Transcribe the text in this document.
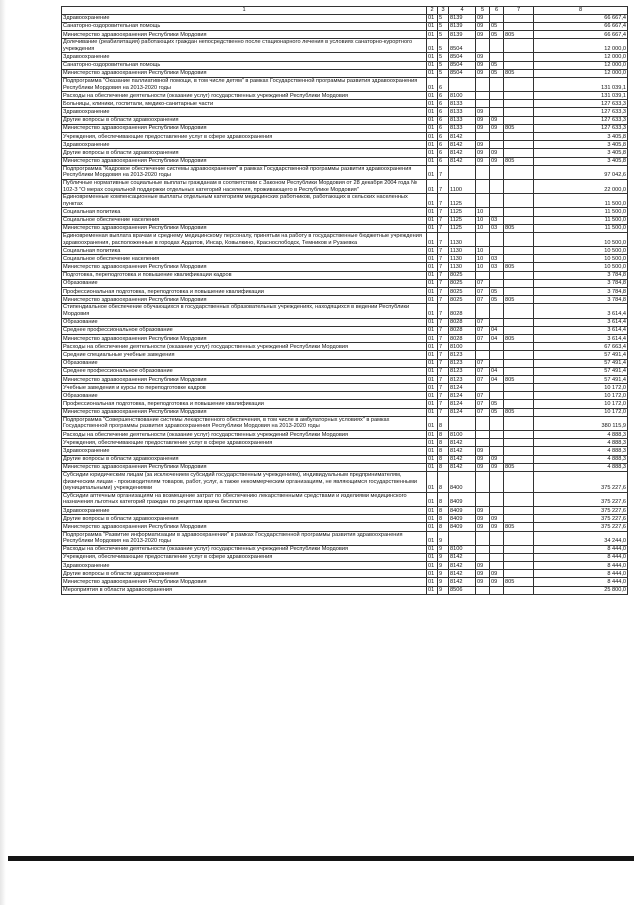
1	2	3	4	5	6	7	8
Здравоохранение	01	5	8139	09			66 667,4
Санаторно-оздоровительная помощь	01	5	8139	09	05		66 667,4
Министерство здравоохранения Республики Мордовия	01	5	8139	09	05	805	66 667,4
Долечивание (реабилитация) работающих граждан непосредственно после стационарного лечения в условиях санаторно-курортного учреждения	01	5	8504				12 000,0
Здравоохранение	01	5	8504	09			12 000,0
Санаторно-оздоровительная помощь	01	5	8504	09	05		12 000,0
Министерство здравоохранения Республики Мордовия	01	5	8504	09	05	805	12 000,0
Подпрограмма "Оказание паллиативной помощи, в том числе детям" в рамках Государственной программы развития здравоохранения Республики Мордовия на 2013-2020 годы	01	6					131 039,1
Расходы на обеспечение деятельности (оказание услуг) государственных учреждений Республики Мордовия	01	6	8100				131 039,1
Больницы, клиники, госпитали, медико-санитарные части	01	6	8133				127 633,3
Здравоохранение	01	6	8133	09			127 633,3
Другие вопросы в области здравоохранения	01	6	8133	09	09		127 633,3
Министерство здравоохранения Республики Мордовия	01	6	8133	09	09	805	127 633,3
Учреждения, обеспечивающие предоставление услуг в сфере здравоохранения	01	6	8142				3 405,8
Здравоохранение	01	6	8142	09			3 405,8
Другие вопросы в области здравоохранения	01	6	8142	09	09		3 405,8
Министерство здравоохранения Республики Мордовия	01	6	8142	09	09	805	3 405,8
Подпрограмма "Кадровое обеспечение системы здравоохранения" в рамках Государственной программы развития здравоохранения Республики Мордовия на 2013-2020 годы	01	7					97 042,6
Публичные нормативные социальные выплаты гражданам в соответствии с Законом Республики Мордовия от 28 декабря 2004 года № 102-З "О мерах социальной поддержки отдельных категорий населения, проживающего в Республике Мордовия"	01	7	1100				22 000,0
Единовременные компенсационные выплаты отдельным категориям медицинских работников, работающих в сельских населенных пунктах	01	7	1125				11 500,0
Социальная политика	01	7	1125	10			11 500,0
Социальное обеспечение населения	01	7	1125	10	03		11 500,0
Министерство здравоохранения Республики Мордовия	01	7	1125	10	03	805	11 500,0
Единовременная выплата врачам и среднему медицинскому персоналу, принятым на работу в государственные бюджетные учреждения здравоохранения, расположенные в городах Ардатов, Инсар, Ковылкино, Краснослободск, Темников и Рузаевка	01	7	1130				10 500,0
Социальная политика	01	7	1130	10			10 500,0
Социальное обеспечение населения	01	7	1130	10	03		10 500,0
Министерство здравоохранения Республики Мордовия	01	7	1130	10	03	805	10 500,0
Подготовка, переподготовка и повышение квалификации кадров	01	7	8025				3 784,8
Образование	01	7	8025	07			3 784,8
Профессиональная подготовка, переподготовка и повышение квалификации	01	7	8025	07	05		3 784,8
Министерство здравоохранения Республики Мордовия	01	7	8025	07	05	805	3 784,8
Стипендиальное обеспечение обучающихся в государственных образовательных учреждениях, находящихся в ведении Республики Мордовия	01	7	8028				3 614,4
Образование	01	7	8028	07			3 614,4
Среднее профессиональное образование	01	7	8028	07	04		3 614,4
Министерство здравоохранения Республики Мордовия	01	7	8028	07	04	805	3 614,4
Расходы на обеспечение деятельности (оказание услуг) государственных учреждений Республики Мордовия	01	7	8100				67 663,4
Средние специальные учебные заведения	01	7	8123				57 491,4
Образование	01	7	8123	07			57 491,4
Среднее профессиональное образование	01	7	8123	07	04		57 491,4
Министерство здравоохранения Республики Мордовия	01	7	8123	07	04	805	57 491,4
Учебные заведения и курсы по переподготовке кадров	01	7	8124				10 172,0
Образование	01	7	8124	07			10 172,0
Профессиональная подготовка, переподготовка и повышение квалификации	01	7	8124	07	05		10 172,0
Министерство здравоохранения Республики Мордовия	01	7	8124	07	05	805	10 172,0
Подпрограмма "Совершенствование системы лекарственного обеспечения, в том числе в амбулаторных условиях" в рамках Государственной программы развития здравоохранения Республики Мордовия на 2013-2020 годы	01	8					380 115,9
Расходы на обеспечение деятельности (оказание услуг) государственных учреждений Республики Мордовия	01	8	8100				4 888,3
Учреждения, обеспечивающие предоставление услуг в сфере здравоохранения	01	8	8142				4 888,3
Здравоохранение	01	8	8142	09			4 888,3
Другие вопросы в области здравоохранения	01	8	8142	09	09		4 888,3
Министерство здравоохранения Республики Мордовия	01	8	8142	09	09	805	4 888,3
Субсидии юридическим лицам (за исключением субсидий государственным учреждениям), индивидуальным предпринимателям, физическим лицам - производителям товаров, работ, услуг, а также некоммерческим организациям, не являющимся государственными (муниципальными) учреждениями	01	8	8400				375 227,6
Субсидии аптечным организациям на возмещение затрат по обеспечению лекарственными средствами и изделиями медицинского назначения льготных категорий граждан по рецептам врача бесплатно	01	8	8409				375 227,6
Здравоохранение	01	8	8409	09			375 227,6
Другие вопросы в области здравоохранения	01	8	8409	09	09		375 227,6
Министерство здравоохранения Республики Мордовия	01	8	8409	09	09	805	375 227,6
Подпрограмма "Развитие информатизации в здравоохранении" в рамках Государственной программы развития здравоохранения Республики Мордовия на 2013-2020 годы	01	9					34 244,0
Расходы на обеспечение деятельности (оказание услуг) государственных учреждений Республики Мордовия	01	9	8100				8 444,0
Учреждения, обеспечивающие предоставление услуг в сфере здравоохранения	01	9	8142				8 444,0
Здравоохранение	01	9	8142	09			8 444,0
Другие вопросы в области здравоохранения	01	9	8142	09	09		8 444,0
Министерство здравоохранения Республики Мордовия	01	9	8142	09	09	805	8 444,0
Мероприятия в области здравоохранения	01	9	8506				25 800,0
